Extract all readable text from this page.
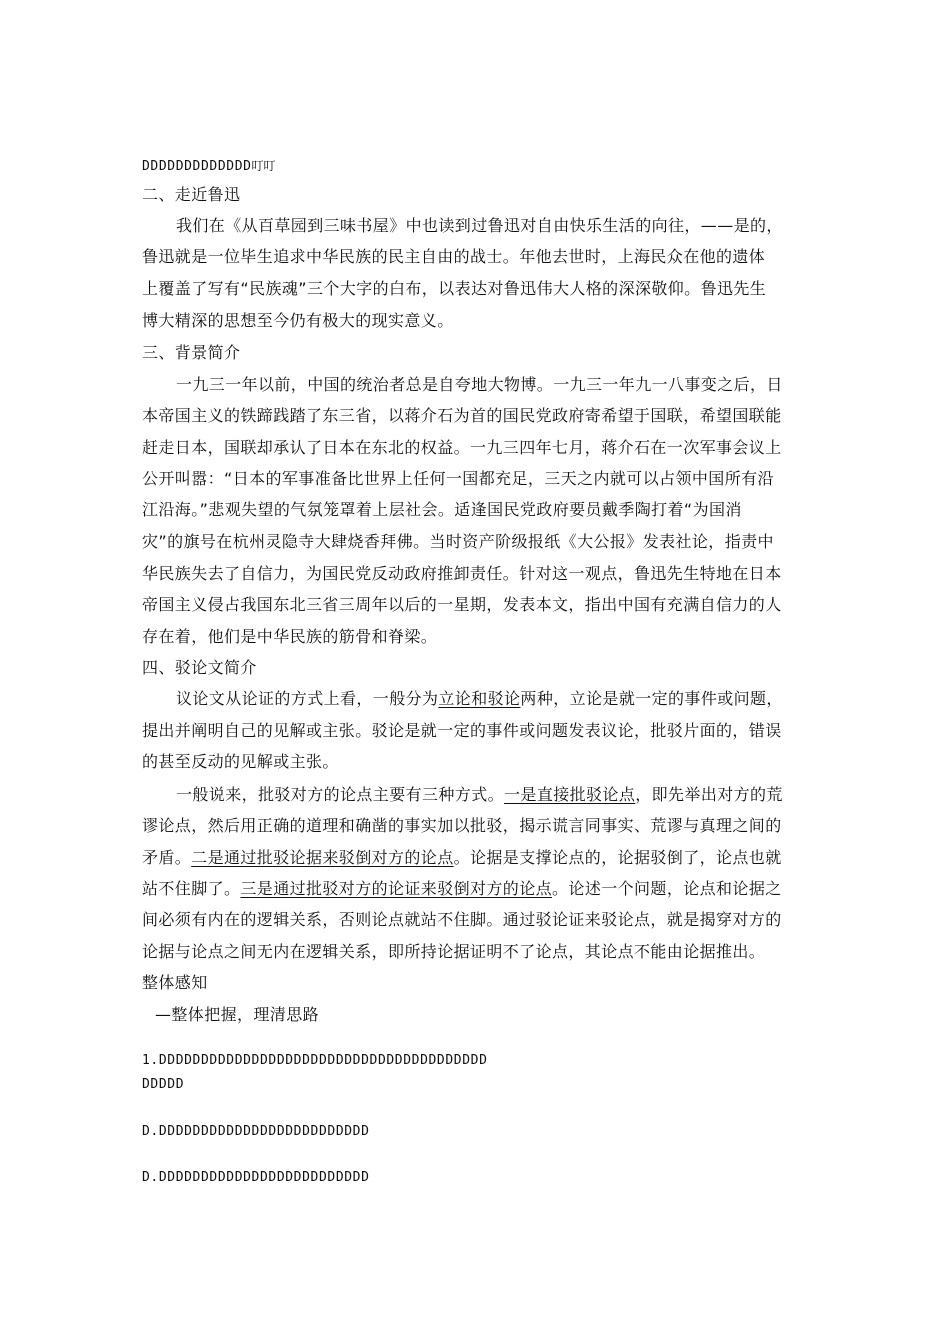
DDDDDDDDDDDDD叮叮
二、走近鲁迅
我们在《从百草园到三味书屋》中也读到过鲁迅对自由快乐生活的向往，——是的，
鲁迅就是一位毕生追求中华民族的民主自由的战士。年他去世时，上海民众在他的遗体
上覆盖了写有“民族魂”三个大字的白布，以表达对鲁迅伟大人格的深深敬仰。鲁迅先生
博大精深的思想至今仍有极大的现实意义。
三、背景简介
一九三一年以前，中国的统治者总是自夸地大物博。一九三一年九一八事变之后，日
本帝国主义的铁蹄践踏了东三省，以蒋介石为首的国民党政府寄希望于国联，希望国联能
赶走日本，国联却承认了日本在东北的权益。一九三四年七月，蒋介石在一次军事会议上
公开叫嚣：“日本的军事准备比世界上任何一国都充足，三天之内就可以占领中国所有沿
江沿海。”悲观失望的气氛笼罩着上层社会。适逢国民党政府要员戴季陶打着“为国消
灾”的旗号在杭州灵隐寺大肆烧香拜佛。当时资产阶级报纸《大公报》发表社论，指责中
华民族失去了自信力，为国民党反动政府推卸责任。针对这一观点，鲁迅先生特地在日本
帝国主义侵占我国东北三省三周年以后的一星期，发表本文，指出中国有充满自信力的人
存在着，他们是中华民族的筋骨和脊梁。
四、驳论文简介
议论文从论证的方式上看，一般分为立论和驳论两种，立论是就一定的事件或问题，
提出并阐明自己的见解或主张。驳论是就一定的事件或问题发表议论，批驳片面的，错误
的甚至反动的见解或主张。
一般说来，批驳对方的论点主要有三种方式。一是直接批驳论点，即先举出对方的荒
谬论点，然后用正确的道理和确凿的事实加以批驳，揭示谎言同事实、荒谬与真理之间的
矛盾。二是通过批驳论据来驳倒对方的论点。论据是支撑论点的，论据驳倒了，论点也就
站不住脚了。三是通过批驳对方的论证来驳倒对方的论点。论述一个问题，论点和论据之
间必须有内在的逻辑关系，否则论点就站不住脚。通过驳论证来驳论点，就是揭穿对方的
论据与论点之间无内在逻辑关系，即所持论据证明不了论点，其论点不能由论据推出。
整体感知
—整体把握，理清思路
1.DDDDDDDDDDDDDDDDDDDDDDDDDDDDDDDDDDDDDDD
DDDDD
D.DDDDDDDDDDDDDDDDDDDDDDDDD
D.DDDDDDDDDDDDDDDDDDDDDDDDD
